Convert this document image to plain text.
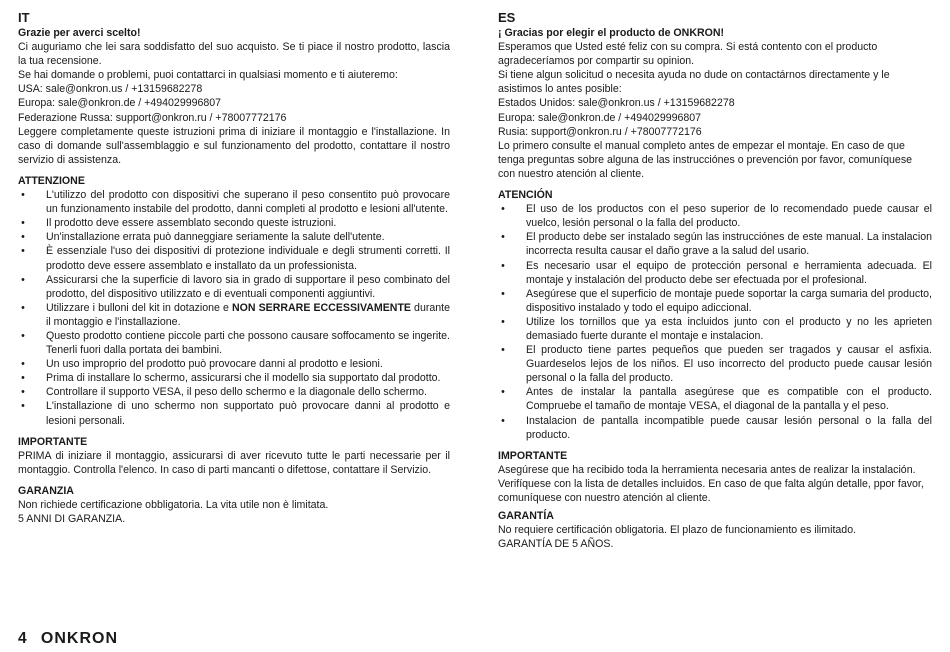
IT

Grazie per averci scelto!

Ci auguriamo che lei sara soddisfatto del suo acquisto. Se ti piace il nostro prodotto, lascia la tua recensione.

Se hai domande o problemi, puoi contattarci in qualsiasi momento e ti aiuteremo:

USA: sale@onkron.us / +13159682278

Europa: sale@onkron.de / +494029996807

Federazione Russa: support@onkron.ru / +78007772176

Leggere completamente queste istruzioni prima di iniziare il montaggio e l'installazione. In caso di domande sull'assemblaggio e sul funzionamento del prodotto, contattare il nostro servizio di assistenza.

ATTENZIONE

• L'utilizzo del prodotto con dispositivi che superano il peso consentito può provocare un funzionamento instabile del prodotto, danni completi al prodotto e lesioni all'utente.
• Il prodotto deve essere assemblato secondo queste istruzioni.
• Un'installazione errata può danneggiare seriamente la salute dell'utente.
• È essenziale l'uso dei dispositivi di protezione individuale e degli strumenti corretti. Il prodotto deve essere assemblato e installato da un professionista.
• Assicurarsi che la superficie di lavoro sia in grado di supportare il peso combinato del prodotto, del dispositivo utilizzato e di eventuali componenti aggiuntivi.
• Utilizzare i bulloni del kit in dotazione e NON SERRARE ECCESSIVAMENTE durante il montaggio e l'installazione.
• Questo prodotto contiene piccole parti che possono causare soffocamento se ingerite. Tenerli fuori dalla portata dei bambini.
• Un uso improprio del prodotto può provocare danni al prodotto e lesioni.
• Prima di installare lo schermo, assicurarsi che il modello sia supportato dal prodotto.
• Controllare il supporto VESA, il peso dello schermo e la diagonale dello schermo.
• L'installazione di uno schermo non supportato può provocare danni al prodotto e lesioni personali.

IMPORTANTE

PRIMA di iniziare il montaggio, assicurarsi di aver ricevuto tutte le parti necessarie per il montaggio. Controlla l'elenco. In caso di parti mancanti o difettose, contattare il Servizio.

GARANZIA

Non richiede certificazione obbligatoria. La vita utile non è limitata.

5 ANNI DI GARANZIA.

ES

¡ Gracias por elegir el producto de ONKRON!

Esperamos que Usted esté feliz con su compra. Si está contento con el producto agradeceríamos por compartir su opinion.

Si tiene algun solicitud o necesita ayuda no dude on contactárnos directamente y le asistimos lo antes posible:

Estados Unidos: sale@onkron.us / +13159682278

Europa: sale@onkron.de / +494029996807

Rusia: support@onkron.ru / +78007772176

Lo primero consulte el manual completo antes de empezar el montaje. En caso de que tenga preguntas sobre alguna de las instrucciónes o prevención por favor, comuníquese con nuestro atención al cliente.

ATENCIÓN

• El uso de los productos con el peso superior de lo recomendado puede causar el vuelco, lesión personal o la falla del producto.
• El producto debe ser instalado según las instrucciónes de este manual. La instalacion incorrecta resulta causar el daño grave a la salud del usario.
• Es necesario usar el equipo de protección personal e herramienta adecuada. El montaje y instalación del producto debe ser efectuada por el profesional.
• Asegúrese que el superficio de montaje puede soportar la carga sumaria del producto, dispositivo instalado y todo el equipo adiccional.
• Utilize los tornillos que ya esta incluidos junto con el producto y no les aprieten demasiado fuerte durante el montaje e instalacion.
• El producto tiene partes pequeños que pueden ser tragados y causar el asfixia. Guardeselos lejos de los niños. El uso incorrecto del producto puede causar lesión personal o la falla del producto.
• Antes de instalar la pantalla asegúrese que es compatible con el producto. Compruebe el tamaño de montaje VESA, el diagonal de la pantalla y el peso.
• Instalacion de pantalla incompatible puede causar lesión personal o la falla del producto.

IMPORTANTE

Asegúrese que ha recibido toda la herramienta necesaria antes de realizar la instalación. Verifíquese con la lista de detalles incluidos. En caso de que falta algún detalle, ppor favor, comuníquese con nuestro atención al cliente.

GARANTÍA

No requiere certificación obligatoria. El plazo de funcionamiento es ilimitado.

GARANTÍA DE 5 AÑOS.

4 ONKRON
